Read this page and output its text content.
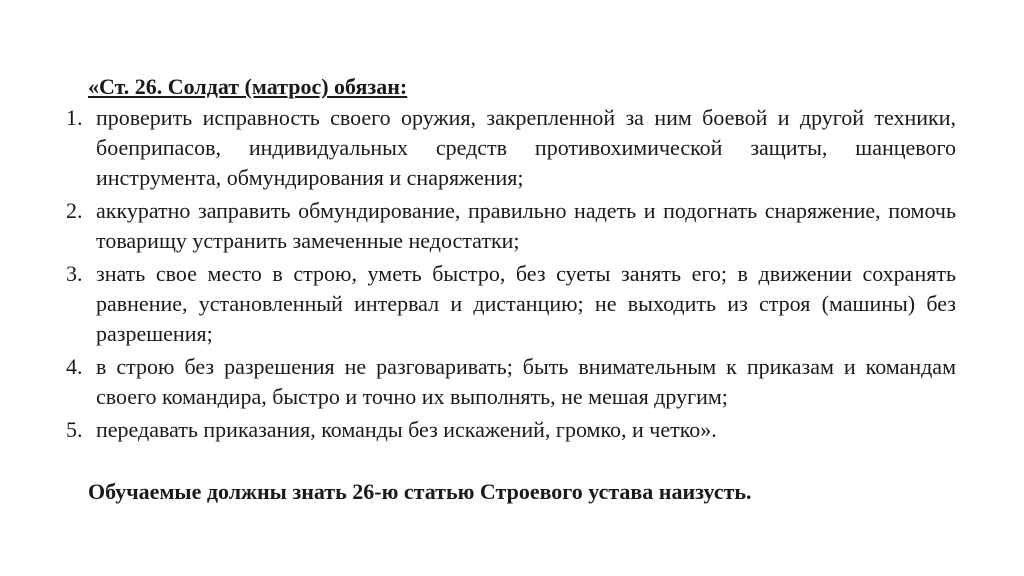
«Ст. 26. Солдат (матрос) обязан:
1. проверить исправность своего оружия, закрепленной за ним боевой и другой техники, боеприпасов, индивидуальных средств противохимической защиты, шанцевого инструмента, обмундирования и снаряжения;
2. аккуратно заправить обмундирование, правильно надеть и подогнать снаряжение, помочь товарищу устранить замеченные недостатки;
3. знать свое место в строю, уметь быстро, без суеты занять его; в движении сохранять равнение, установленный интервал и дистанцию; не выходить из строя (машины) без разрешения;
4. в строю без разрешения не разговаривать; быть внимательным к приказам и командам своего командира, быстро и точно их выполнять, не мешая другим;
5. передавать приказания, команды без искажений, громко, и четко».
Обучаемые должны знать 26-ю статью Строевого устава наизусть.
